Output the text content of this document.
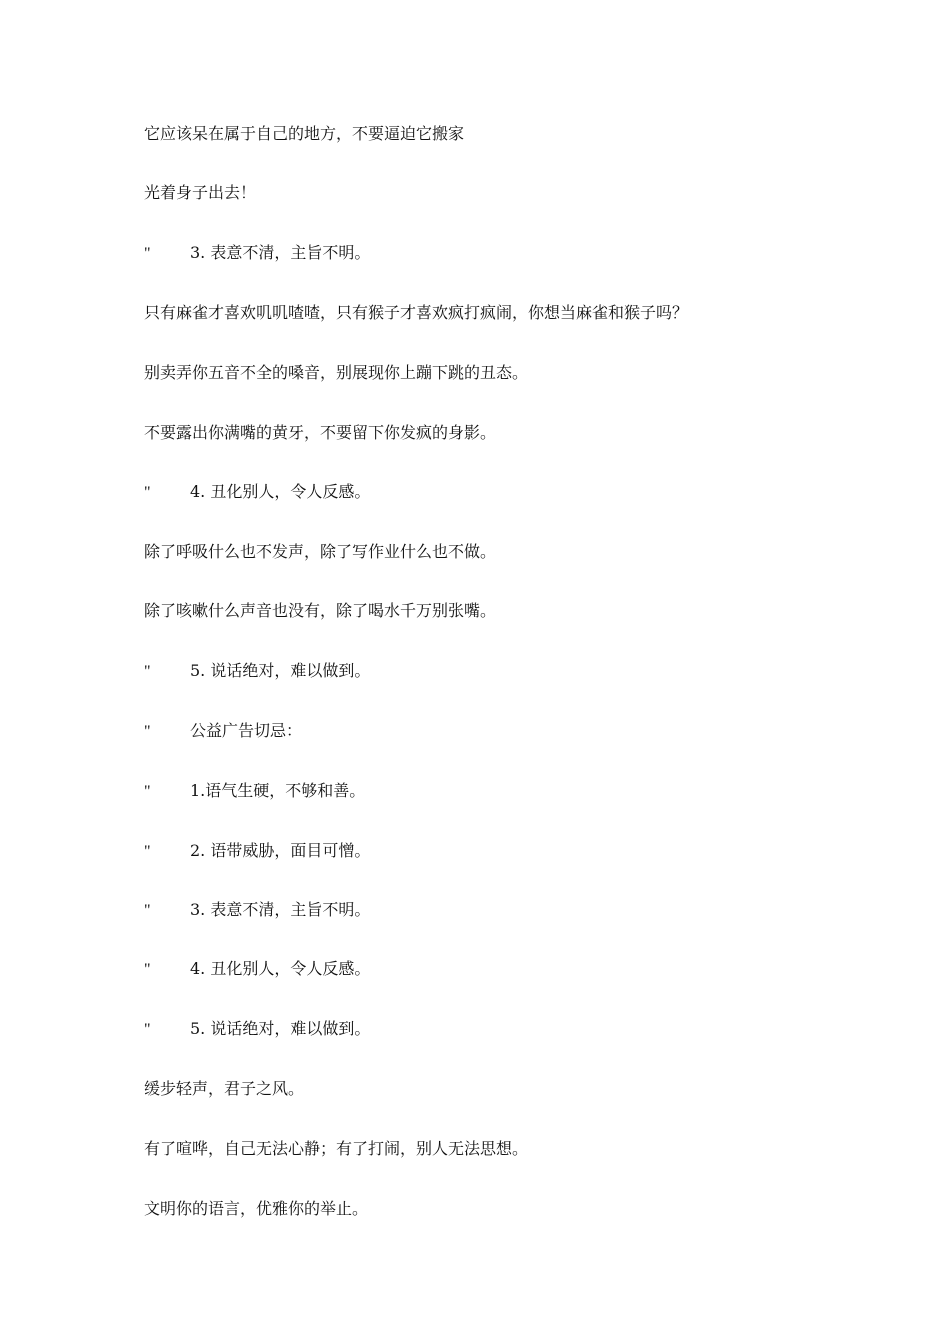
它应该呆在属于自己的地方，不要逼迫它搬家
光着身子出去！
" 3. 表意不清，主旨不明。
只有麻雀才喜欢叽叽喳喳，只有猴子才喜欢疯打疯闹，你想当麻雀和猴子吗？
别卖弄你五音不全的嗓音，别展现你上蹦下跳的丑态。
不要露出你满嘴的黄牙，不要留下你发疯的身影。
" 4. 丑化别人，令人反感。
除了呼吸什么也不发声，除了写作业什么也不做。
除了咳嗽什么声音也没有，除了喝水千万别张嘴。
" 5. 说话绝对，难以做到。
" 公益广告切忌：
" 1.语气生硬，不够和善。
" 2. 语带威胁，面目可憎。
" 3. 表意不清，主旨不明。
" 4. 丑化别人，令人反感。
" 5. 说话绝对，难以做到。
缓步轻声，君子之风。
有了喧哗，自己无法心静；有了打闹，别人无法思想。
文明你的语言，优雅你的举止。
